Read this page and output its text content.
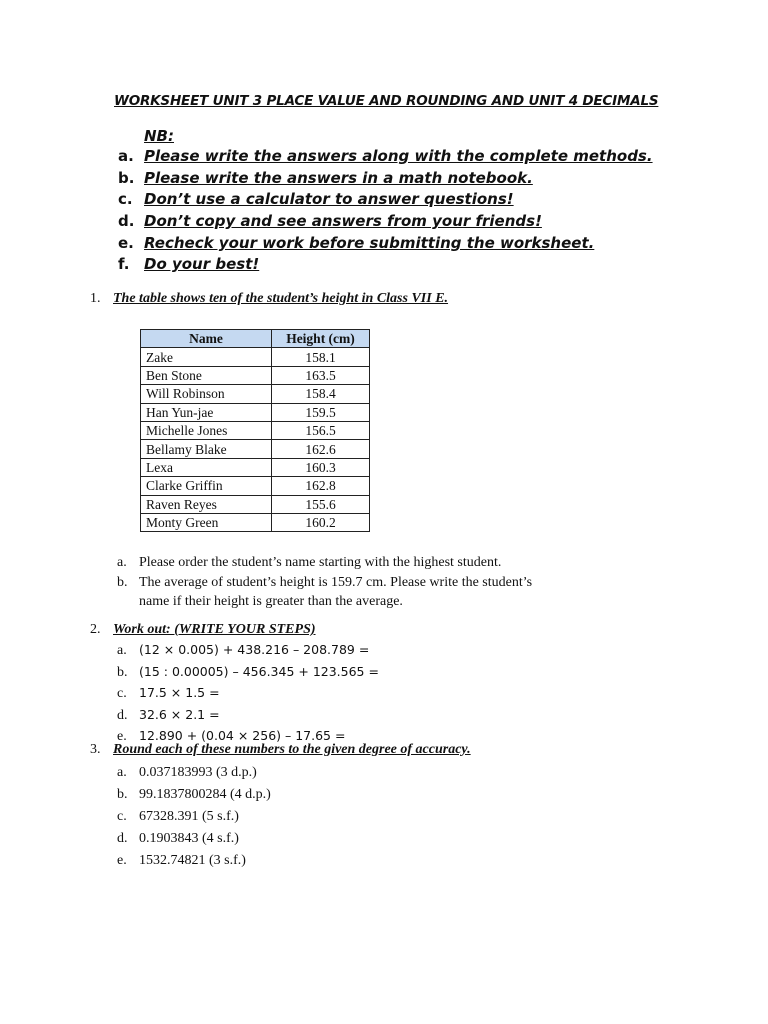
WORKSHEET UNIT 3 PLACE VALUE AND ROUNDING AND UNIT 4 DECIMALS
NB:
a. Please write the answers along with the complete methods.
b. Please write the answers in a math notebook.
c. Don’t use a calculator to answer questions!
d. Don’t copy and see answers from your friends!
e. Recheck your work before submitting the worksheet.
f. Do your best!
1. The table shows ten of the student’s height in Class VII E.
Name	Height (cm)
Zake	158.1
Ben Stone	163.5
Will Robinson	158.4
Han Yun-jae	159.5
Michelle Jones	156.5
Bellamy Blake	162.6
Lexa	160.3
Clarke Griffin	162.8
Raven Reyes	155.6
Monty Green	160.2
a. Please order the student’s name starting with the highest student.
b. The average of student’s height is 159.7 cm. Please write the student’s
name if their height is greater than the average.
2. Work out: (WRITE YOUR STEPS)
a. (12 × 0.005) + 438.216 – 208.789 =
b. (15 : 0.00005) – 456.345 + 123.565 =
c. 17.5 × 1.5 =
d. 32.6 × 2.1 =
e. 12.890 + (0.04 × 256) – 17.65 =
3. Round each of these numbers to the given degree of accuracy.
a. 0.037183993 (3 d.p.)
b. 99.1837800284 (4 d.p.)
c. 67328.391 (5 s.f.)
d. 0.1903843 (4 s.f.)
e. 1532.74821 (3 s.f.)
